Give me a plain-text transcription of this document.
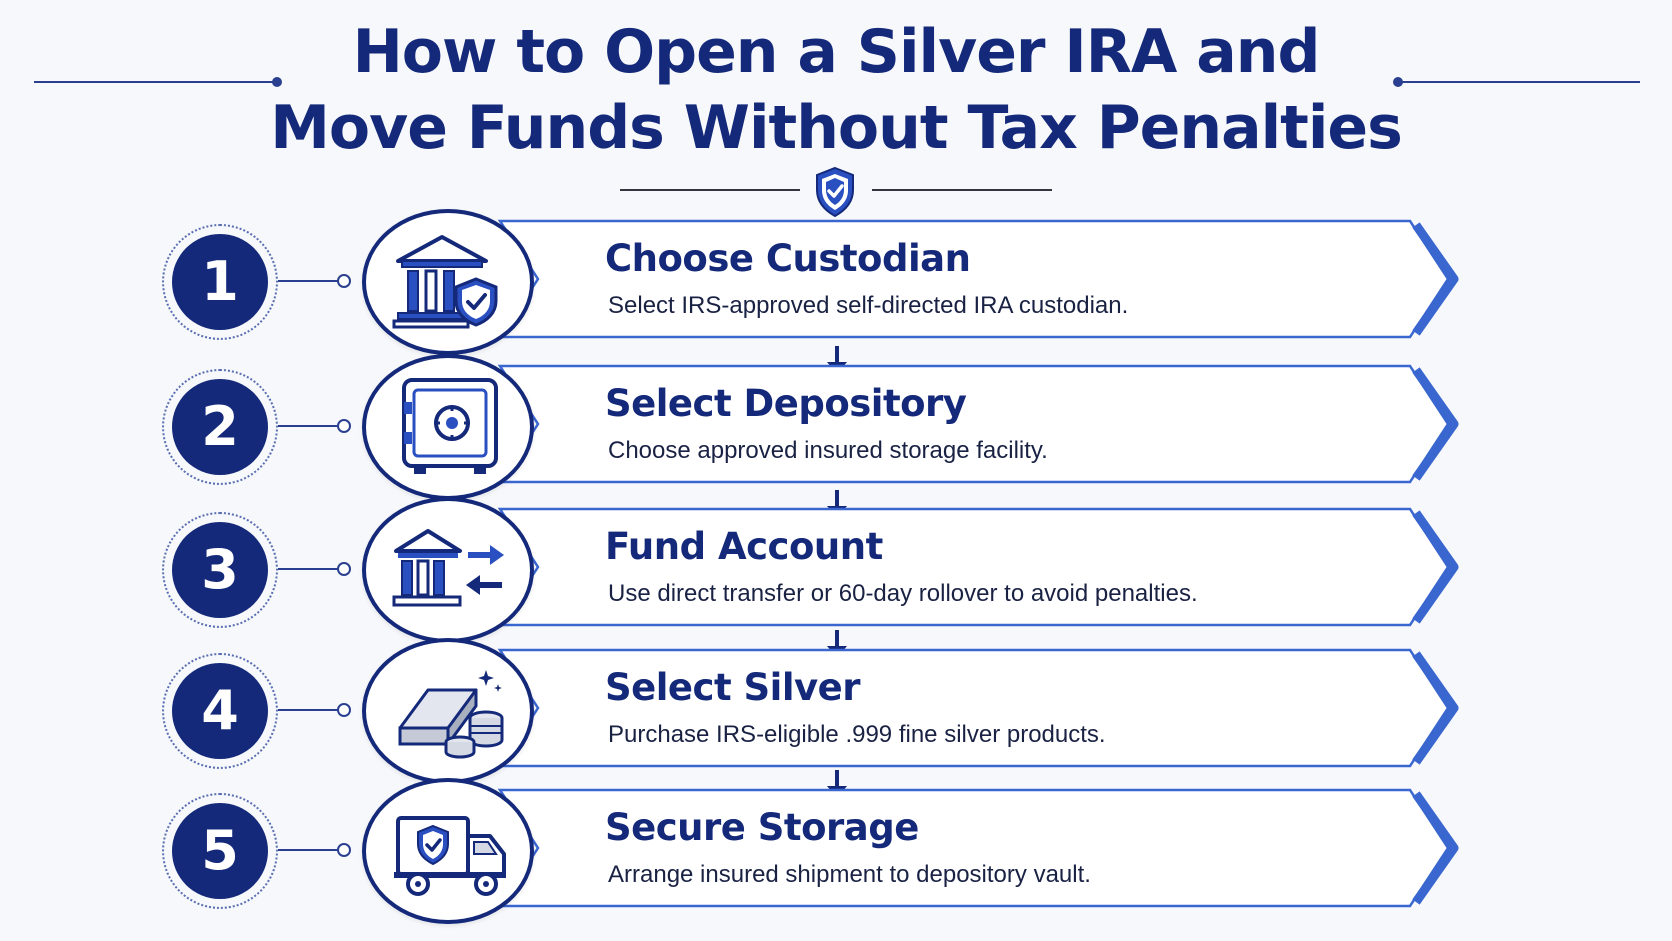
How to Open a Silver IRA and
Move Funds Without Tax Penalties
1	Choose Custodian
Select IRS-approved self-directed IRA custodian.
2	Select Depository
Choose approved insured storage facility.
3	Fund Account
Use direct transfer or 60-day rollover to avoid penalties.
4	Select Silver
Purchase IRS-eligible .999 fine silver products.
5	Secure Storage
Arrange insured shipment to depository vault.
